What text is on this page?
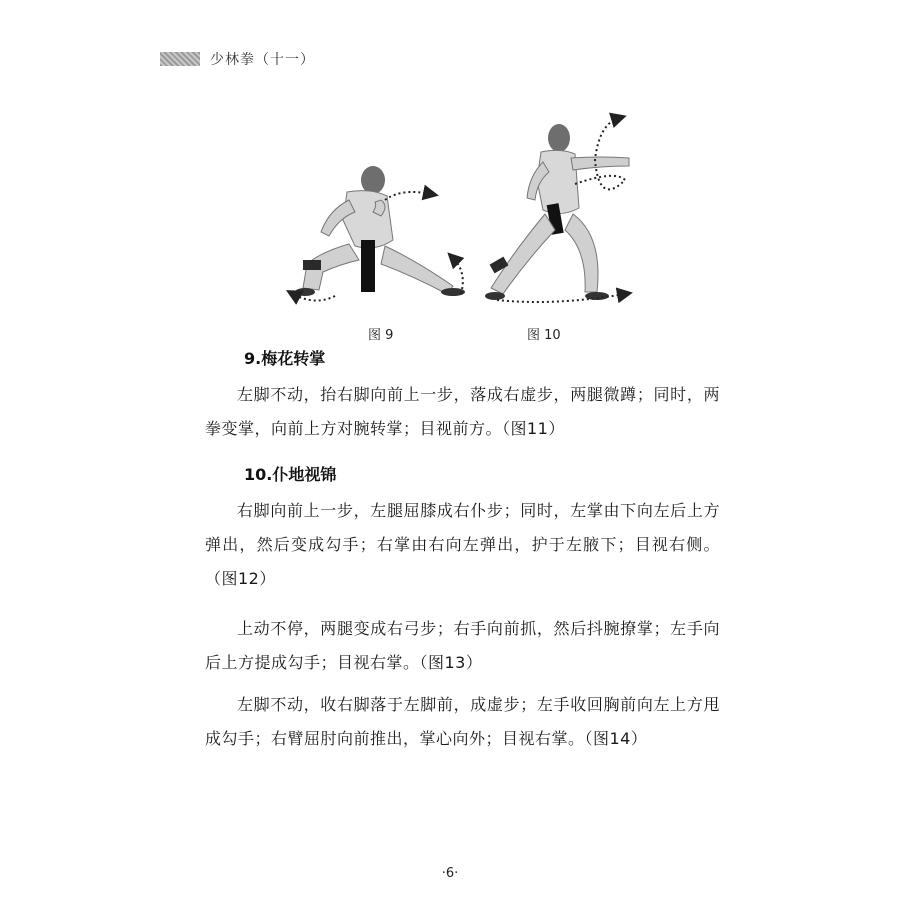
少林拳（十一）
图 9	图 10
9.梅花转掌
左脚不动，抬右脚向前上一步，落成右虚步，两腿微蹲；同时，两拳变掌，向前上方对腕转掌；目视前方。（图11）
10.仆地视锦
右脚向前上一步，左腿屈膝成右仆步；同时，左掌由下向左后上方弹出，然后变成勾手；右掌由右向左弹出，护于左腋下；目视右侧。（图12）
上动不停，两腿变成右弓步；右手向前抓，然后抖腕撩掌；左手向后上方提成勾手；目视右掌。（图13）
左脚不动，收右脚落于左脚前，成虚步；左手收回胸前向左上方甩成勾手；右臂屈肘向前推出，掌心向外；目视右掌。（图14）
·6·
